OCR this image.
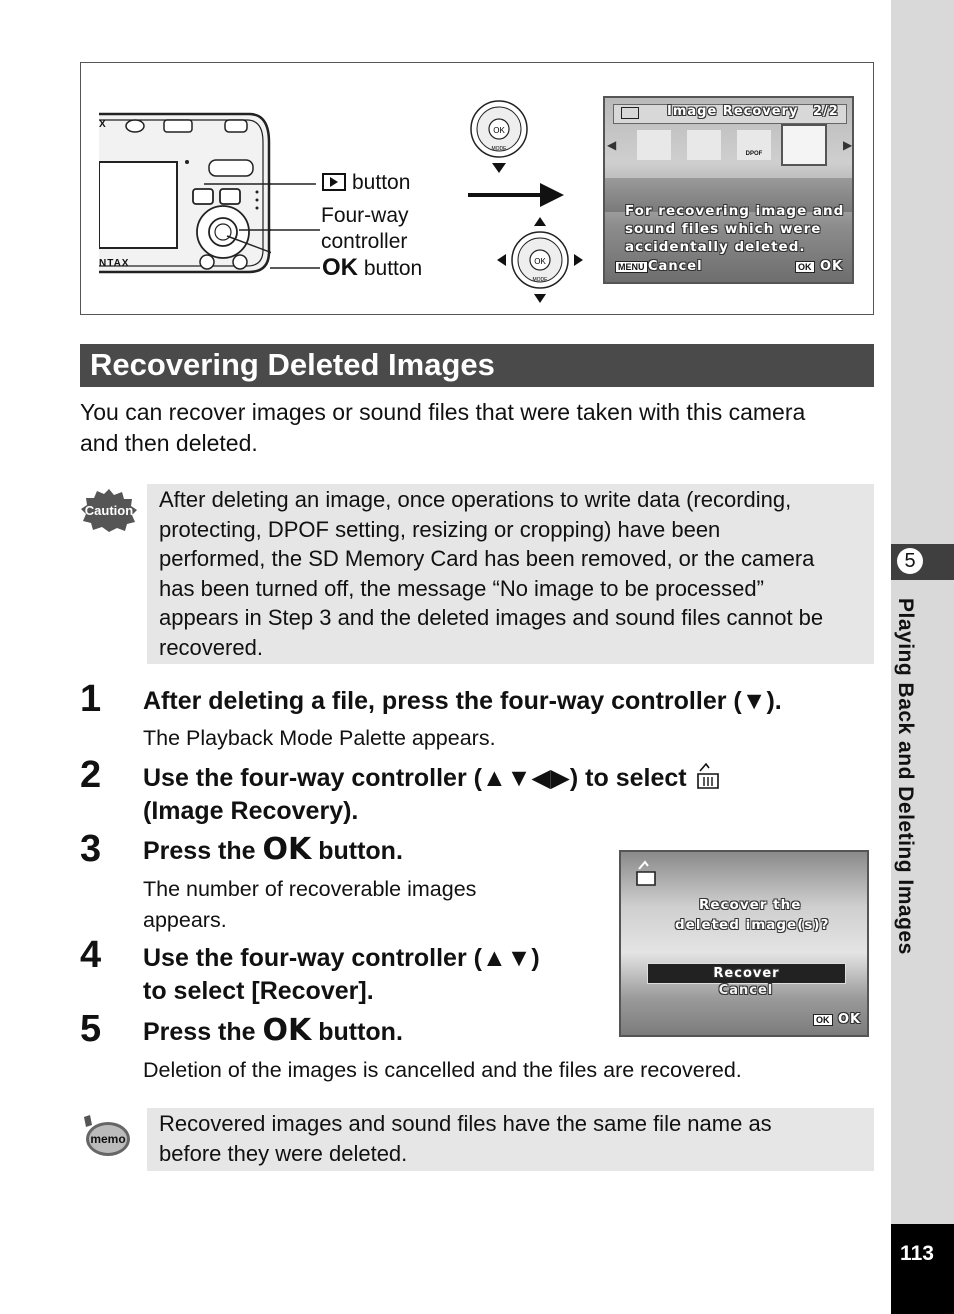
X
NTAX
button
Four-way
controller
OK button
OK
MODE
OK
MODE
Image Recovery 2/2
◀	▶
DPOF
For recovering image and
sound files which were
accidentally deleted.
MENU Cancel	OK OK
Recovering Deleted Images
You can recover images or sound files that were taken with this camera
and then deleted.
Caution After deleting an image, once operations to write data (recording,
protecting, DPOF setting, resizing or cropping) have been
performed, the SD Memory Card has been removed, or the camera
has been turned off, the message “No image to be processed”
appears in Step 3 and the deleted images and sound files cannot be
recovered.
1 After deleting a file, press the four-way controller (▼).
The Playback Mode Palette appears.
2 Use the four-way controller (▲▼◀▶) to select
(Image Recovery).
3 Press the OK button.
The number of recoverable images
appears.
4 Use the four-way controller (▲▼)
to select [Recover].
5 Press the OK button.
Deletion of the images is cancelled and the files are recovered.
Recover the
deleted image(s)?
Recover
Cancel
OK OK
memo
Recovered images and sound files have the same file name as
before they were deleted.
5
Playing Back and Deleting Images
113
